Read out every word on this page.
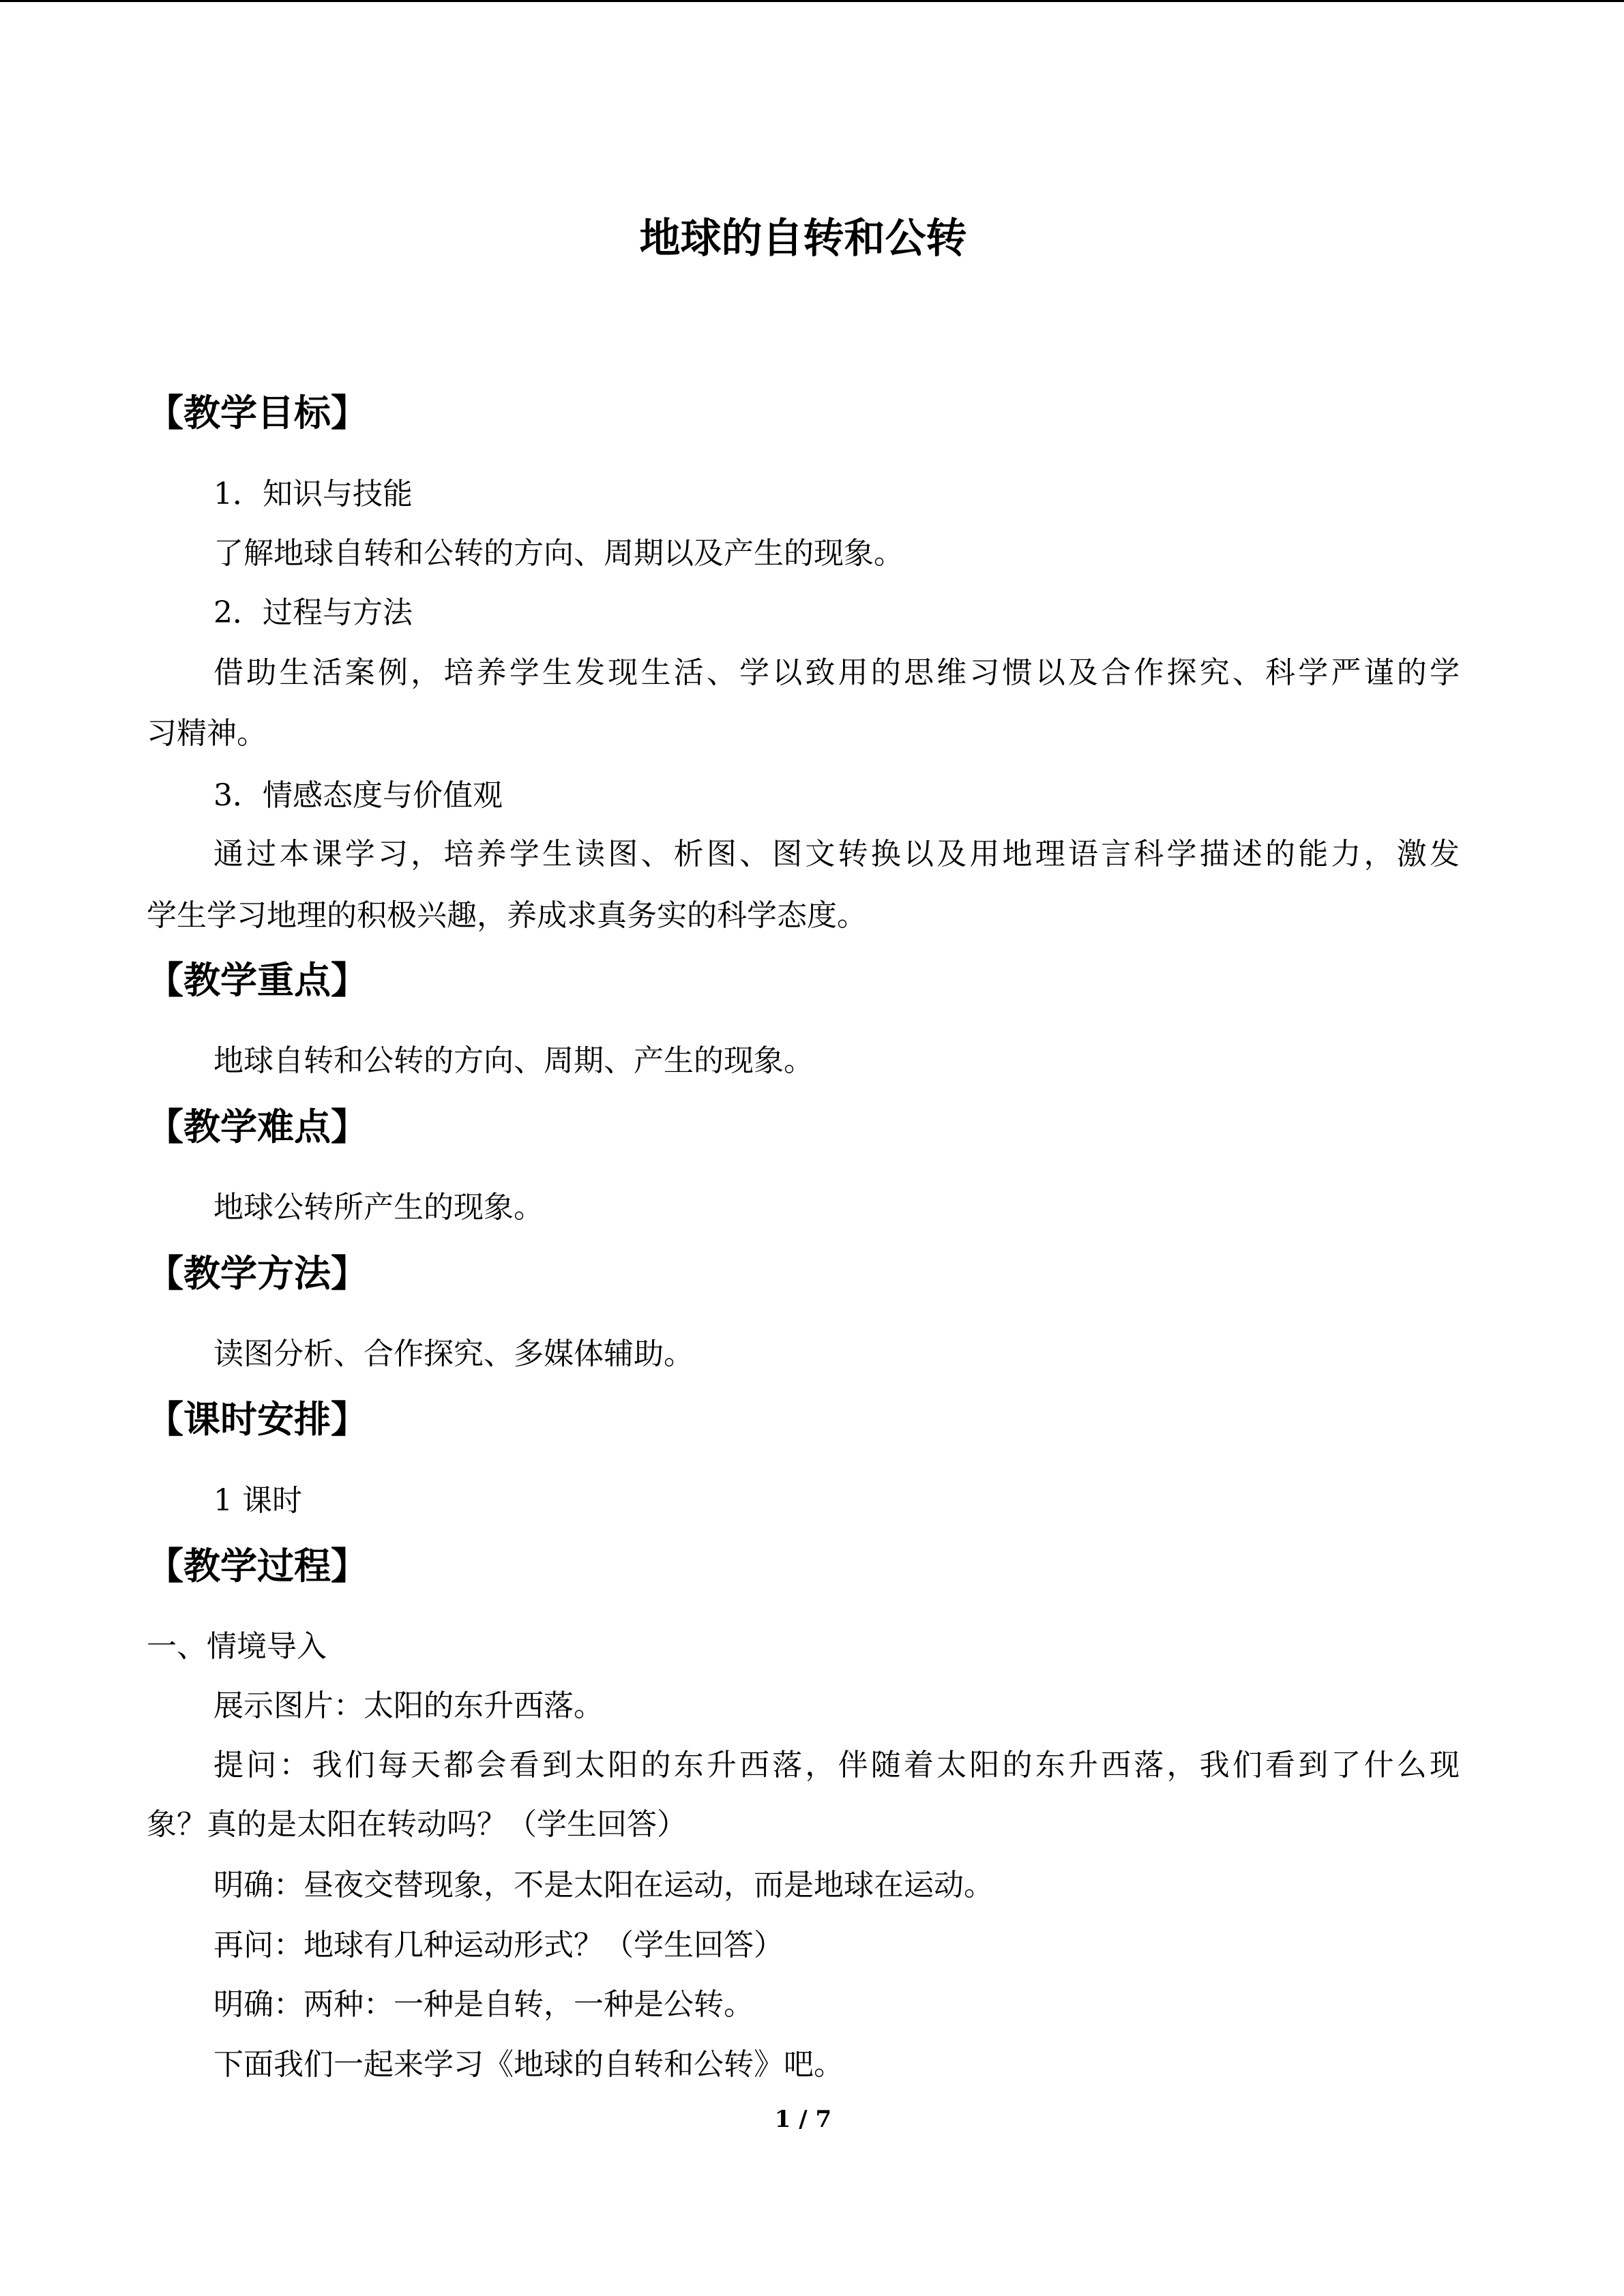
地球的自转和公转
【教学目标】
1．知识与技能
了解地球自转和公转的方向、周期以及产生的现象。
2．过程与方法
借助生活案例，培养学生发现生活、学以致用的思维习惯以及合作探究、科学严谨的学
习精神。
3．情感态度与价值观
通过本课学习，培养学生读图、析图、图文转换以及用地理语言科学描述的能力，激发
学生学习地理的积极兴趣，养成求真务实的科学态度。
【教学重点】
地球自转和公转的方向、周期、产生的现象。
【教学难点】
地球公转所产生的现象。
【教学方法】
读图分析、合作探究、多媒体辅助。
【课时安排】
1 课时
【教学过程】
一、情境导入
展示图片：太阳的东升西落。
提问：我们每天都会看到太阳的东升西落，伴随着太阳的东升西落，我们看到了什么现
象？真的是太阳在转动吗？（学生回答）
明确：昼夜交替现象，不是太阳在运动，而是地球在运动。
再问：地球有几种运动形式？（学生回答）
明确：两种：一种是自转，一种是公转。
下面我们一起来学习《地球的自转和公转》吧。
1 / 7
